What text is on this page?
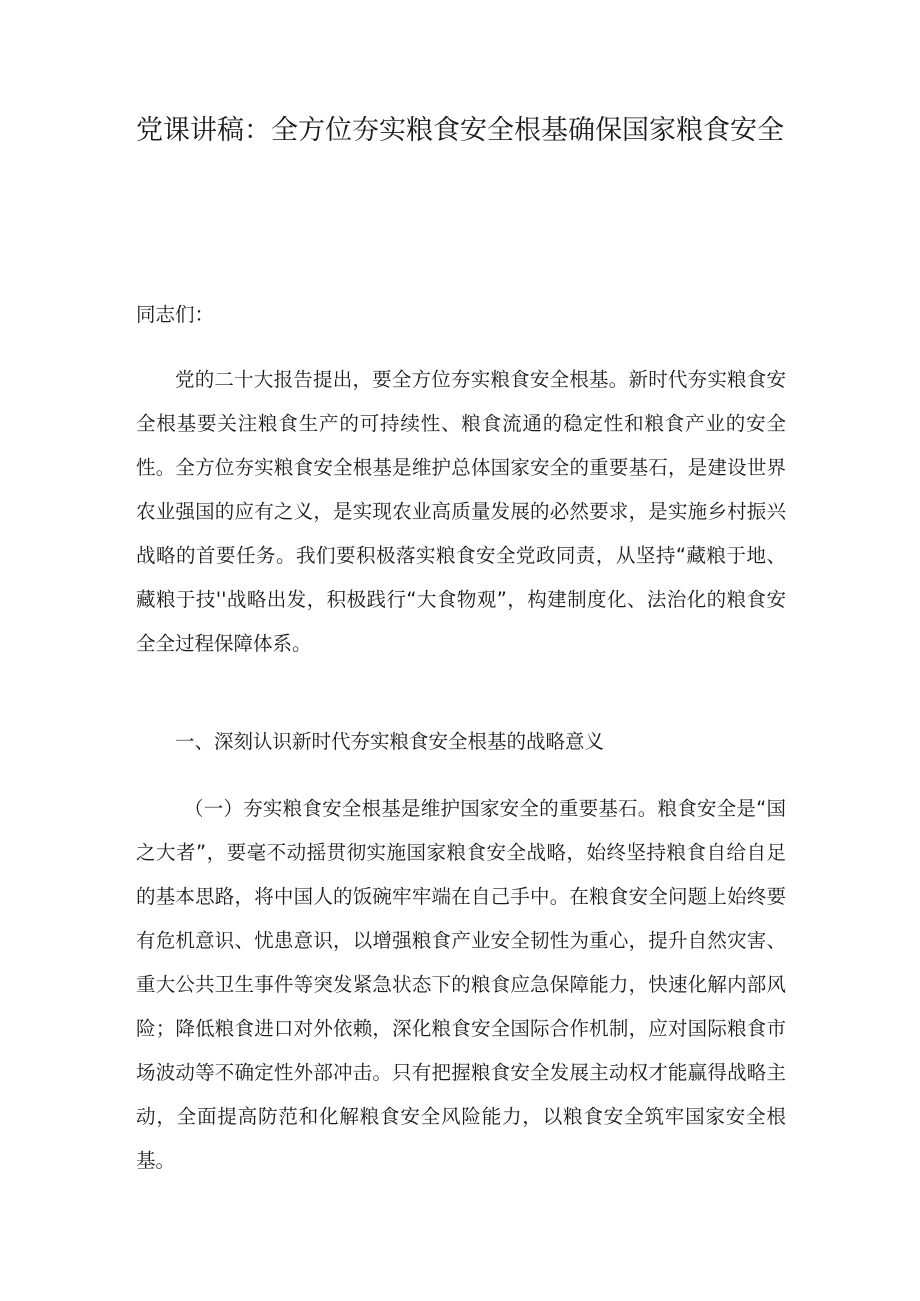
党课讲稿：全方位夯实粮食安全根基确保国家粮食安全

同志们：

党的二十大报告提出，要全方位夯实粮食安全根基。新时代夯实粮食安全根基要关注粮食生产的可持续性、粮食流通的稳定性和粮食产业的安全性。全方位夯实粮食安全根基是维护总体国家安全的重要基石，是建设世界农业强国的应有之义，是实现农业高质量发展的必然要求，是实施乡村振兴战略的首要任务。我们要积极落实粮食安全党政同责，从坚持“藏粮于地、藏粮于技''战略出发，积极践行“大食物观”，构建制度化、法治化的粮食安全全过程保障体系。

一、深刻认识新时代夯实粮食安全根基的战略意义

（一）夯实粮食安全根基是维护国家安全的重要基石。粮食安全是“国之大者”，要毫不动摇贯彻实施国家粮食安全战略，始终坚持粮食自给自足的基本思路，将中国人的饭碗牢牢端在自己手中。在粮食安全问题上始终要有危机意识、忧患意识，以增强粮食产业安全韧性为重心，提升自然灾害、重大公共卫生事件等突发紧急状态下的粮食应急保障能力，快速化解内部风险；降低粮食进口对外依赖，深化粮食安全国际合作机制，应对国际粮食市场波动等不确定性外部冲击。只有把握粮食安全发展主动权才能赢得战略主动，全面提高防范和化解粮食安全风险能力，以粮食安全筑牢国家安全根基。
